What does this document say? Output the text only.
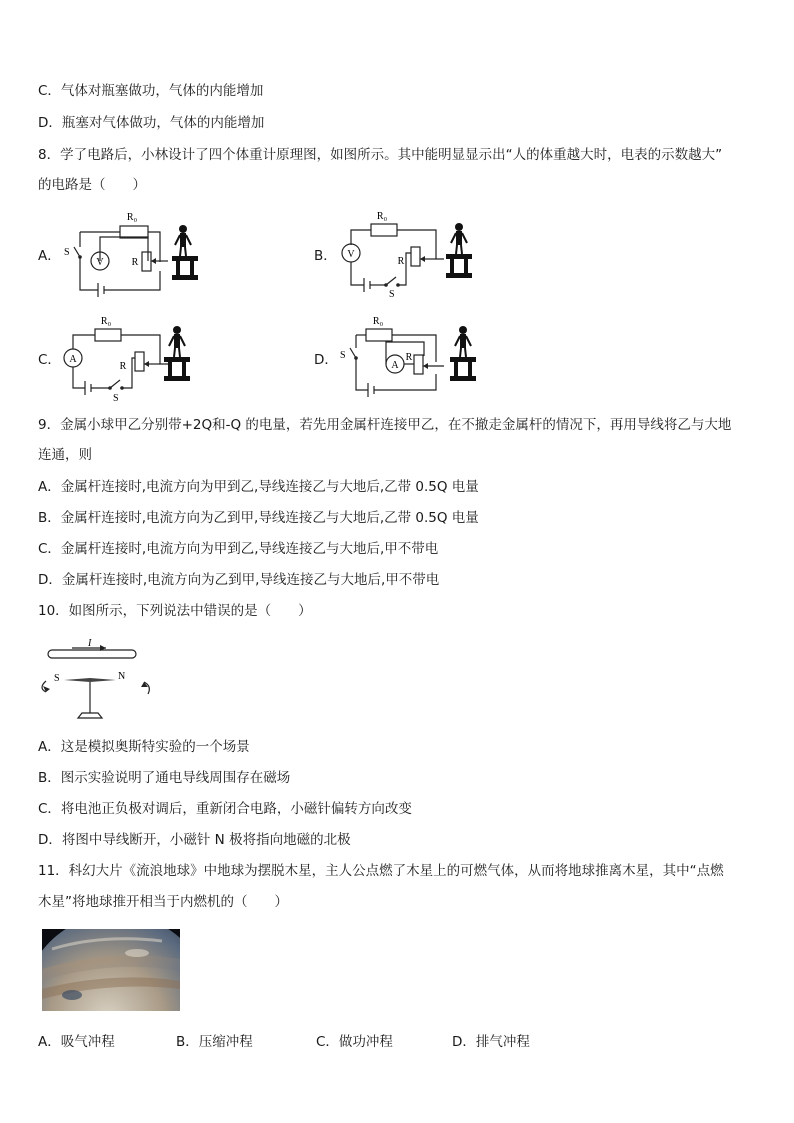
C．气体对瓶塞做功，气体的内能增加
D．瓶塞对气体做功，气体的内能增加
8．学了电路后，小林设计了四个体重计原理图，如图所示。其中能明显显示出“人的体重越大时，电表的示数越大”
的电路是（　　）
A．	V
R₀
R
S	B． V
R₀
R
S
C． A
R₀
R
S
D．	A
R₀
R
S
9．金属小球甲乙分别带+2Q和-Q 的电量，若先用金属杆连接甲乙，在不撤走金属杆的情况下，再用导线将乙与大地
连通，则
A．金属杆连接时,电流方向为甲到乙,导线连接乙与大地后,乙带 0.5Q 电量
B．金属杆连接时,电流方向为乙到甲,导线连接乙与大地后,乙带 0.5Q 电量
C．金属杆连接时,电流方向为甲到乙,导线连接乙与大地后,甲不带电
D．金属杆连接时,电流方向为乙到甲,导线连接乙与大地后,甲不带电
10．如图所示，下列说法中错误的是（　　）
I
S	N
A．这是模拟奥斯特实验的一个场景
B．图示实验说明了通电导线周围存在磁场
C．将电池正负极对调后，重新闭合电路，小磁针偏转方向改变
D．将图中导线断开，小磁针 N 极将指向地磁的北极
11．科幻大片《流浪地球》中地球为摆脱木星，主人公点燃了木星上的可燃气体，从而将地球推离木星，其中“点燃
木星”将地球推开相当于内燃机的（　　）
A．吸气冲程	B．压缩冲程	C．做功冲程	D．排气冲程
